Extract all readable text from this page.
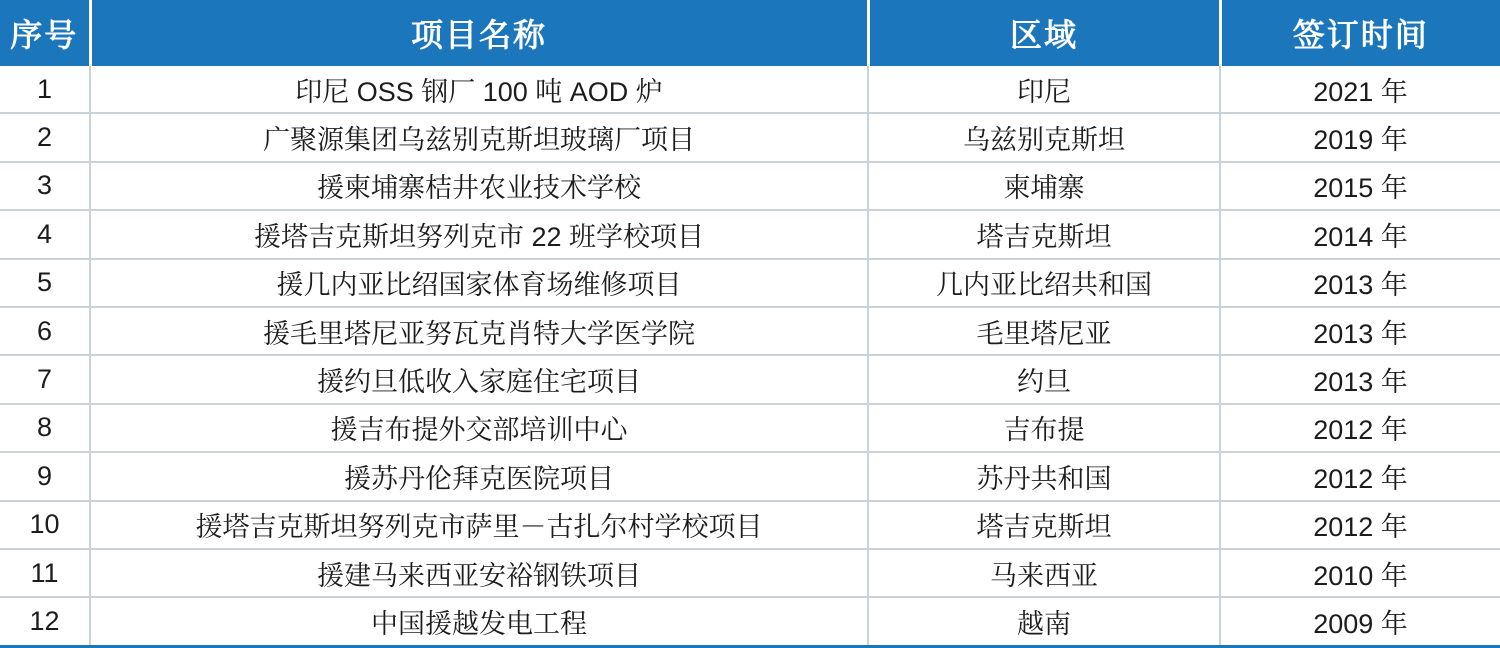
序号	项目名称	区域	签订时间
1	印尼 OSS 钢厂 100 吨 AOD 炉	印尼	2021 年
2	广聚源集团乌兹别克斯坦玻璃厂项目	乌兹别克斯坦	2019 年
3	援柬埔寨桔井农业技术学校	柬埔寨	2015 年
4	援塔吉克斯坦努列克市 22 班学校项目	塔吉克斯坦	2014 年
5	援几内亚比绍国家体育场维修项目	几内亚比绍共和国	2013 年
6	援毛里塔尼亚努瓦克肖特大学医学院	毛里塔尼亚	2013 年
7	援约旦低收入家庭住宅项目	约旦	2013 年
8	援吉布提外交部培训中心	吉布提	2012 年
9	援苏丹伦拜克医院项目	苏丹共和国	2012 年
10	援塔吉克斯坦努列克市萨里－古扎尔村学校项目	塔吉克斯坦	2012 年
11	援建马来西亚安裕钢铁项目	马来西亚	2010 年
12	中国援越发电工程	越南	2009 年
